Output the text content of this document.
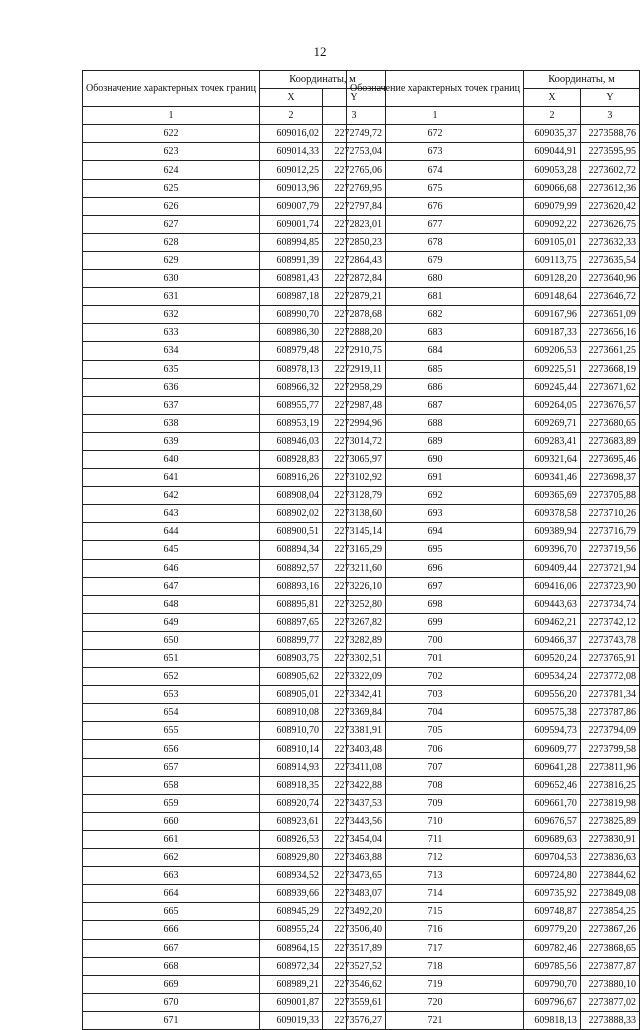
12
Обозначение характерных точек границ	Координаты, м	
	X	Y
1	2	3
622	609016,02	2272749,72
623	609014,33	2272753,04
624	609012,25	2272765,06
625	609013,96	2272769,95
626	609007,79	2272797,84
627	609001,74	2272823,01
628	608994,85	2272850,23
629	608991,39	2272864,43
630	608981,43	2272872,84
631	608987,18	2272879,21
632	608990,70	2272878,68
633	608986,30	2272888,20
634	608979,48	2272910,75
635	608978,13	2272919,11
636	608966,32	2272958,29
637	608955,77	2272987,48
638	608953,19	2272994,96
639	608946,03	2273014,72
640	608928,83	2273065,97
641	608916,26	2273102,92
642	608908,04	2273128,79
643	608902,02	2273138,60
644	608900,51	2273145,14
645	608894,34	2273165,29
646	608892,57	2273211,60
647	608893,16	2273226,10
648	608895,81	2273252,80
649	608897,65	2273267,82
650	608899,77	2273282,89
651	608903,75	2273302,51
652	608905,62	2273322,09
653	608905,01	2273342,41
654	608910,08	2273369,84
655	608910,70	2273381,91
656	608910,14	2273403,48
657	608914,93	2273411,08
658	608918,35	2273422,88
659	608920,74	2273437,53
660	608923,61	2273443,56
661	608926,53	2273454,04
662	608929,80	2273463,88
663	608934,52	2273473,65
664	608939,66	2273483,07
665	608945,29	2273492,20
666	608955,24	2273506,40
667	608964,15	2273517,89
668	608972,34	2273527,52
669	608989,21	2273546,62
670	609001,87	2273559,61
671	609019,33	2273576,27
Обозначение характерных точек границ	Координаты, м	
	X	Y
1	2	3
672	609035,37	2273588,76
673	609044,91	2273595,95
674	609053,28	2273602,72
675	609066,68	2273612,36
676	609079,99	2273620,42
677	609092,22	2273626,75
678	609105,01	2273632,33
679	609113,75	2273635,54
680	609128,20	2273640,96
681	609148,64	2273646,72
682	609167,96	2273651,09
683	609187,33	2273656,16
684	609206,53	2273661,25
685	609225,51	2273668,19
686	609245,44	2273671,62
687	609264,05	2273676,57
688	609269,71	2273680,65
689	609283,41	2273683,89
690	609321,64	2273695,46
691	609341,46	2273698,37
692	609365,69	2273705,88
693	609378,58	2273710,26
694	609389,94	2273716,79
695	609396,70	2273719,56
696	609409,44	2273721,94
697	609416,06	2273723,90
698	609443,63	2273734,74
699	609462,21	2273742,12
700	609466,37	2273743,78
701	609520,24	2273765,91
702	609534,24	2273772,08
703	609556,20	2273781,34
704	609575,38	2273787,86
705	609594,73	2273794,09
706	609609,77	2273799,58
707	609641,28	2273811,96
708	609652,46	2273816,25
709	609661,70	2273819,98
710	609676,57	2273825,89
711	609689,63	2273830,91
712	609704,53	2273836,63
713	609724,80	2273844,62
714	609735,92	2273849,08
715	609748,87	2273854,25
716	609779,20	2273867,26
717	609782,46	2273868,65
718	609785,56	2273877,87
719	609790,70	2273880,10
720	609796,67	2273877,02
721	609818,13	2273888,33
